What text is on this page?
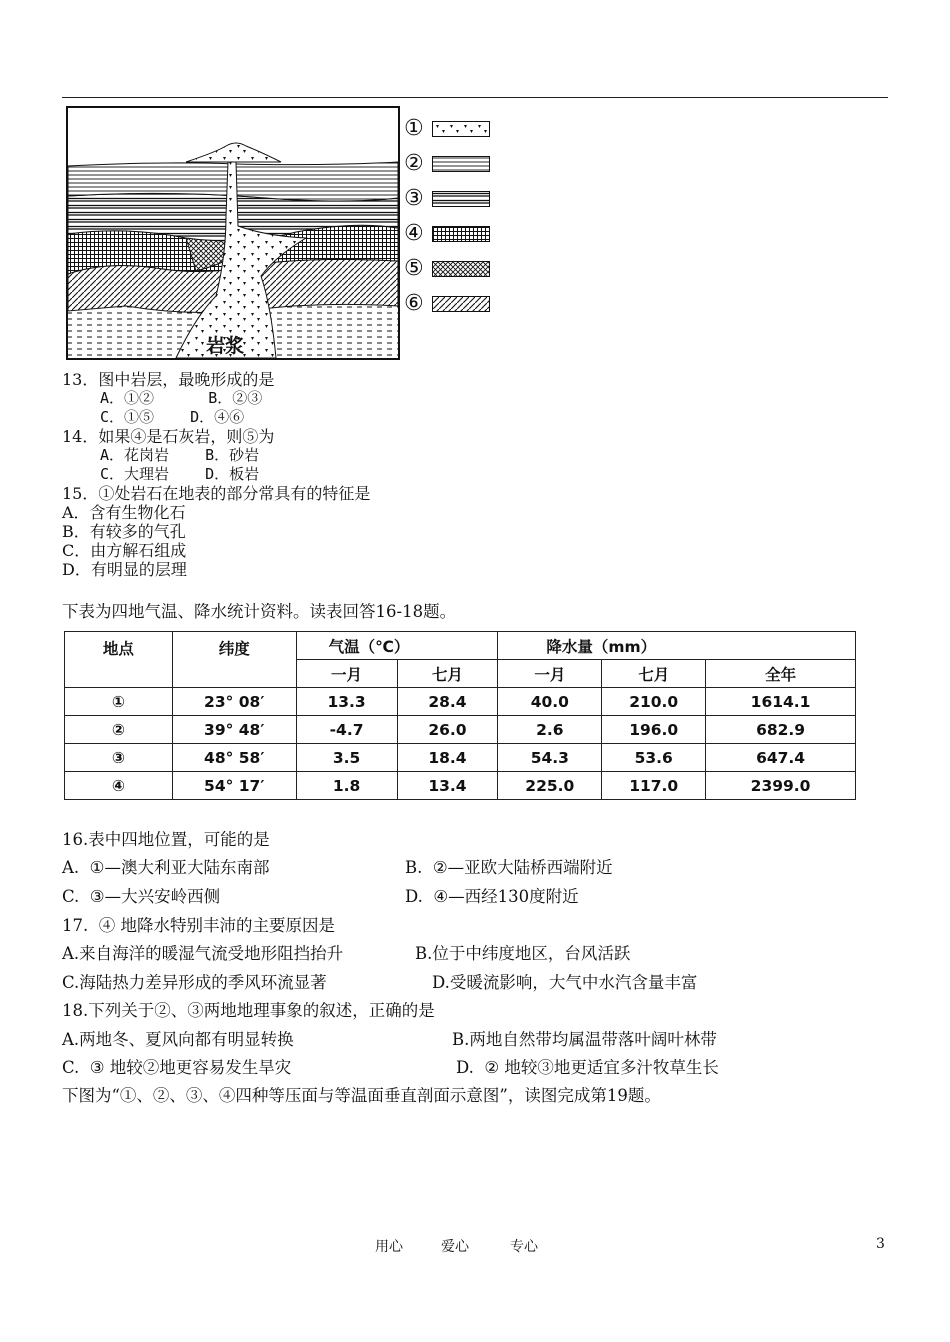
岩浆
①
②
③
④
⑤
⑥
13．图中岩层，最晚形成的是
A．①②      B．②③
C．①⑤    D．④⑥
14．如果④是石灰岩，则⑤为
A．花岗岩    B．砂岩
C．大理岩    D．板岩
15．①处岩石在地表的部分常具有的特征是
A．含有生物化石
B．有较多的气孔
C．由方解石组成
D．有明显的层理
下表为四地气温、降水统计资料。读表回答16-18题。
地点	纬度	气温（℃）		降水量（mm）		
		一月	七月	一月	七月	全年
①	23° 08′	13.3	28.4	40.0	210.0	1614.1
②	39° 48′	-4.7	26.0	2.6	196.0	682.9
③	48° 58′	3.5	18.4	54.3	53.6	647.4
④	54° 17′	1.8	13.4	225.0	117.0	2399.0
16.表中四地位置，可能的是
A.  ①—澳大利亚大陆东南部	B.  ②—亚欧大陆桥西端附近
C.  ③—大兴安岭西侧	D.  ④—西经130度附近
17.  ④ 地降水特别丰沛的主要原因是
A.来自海洋的暖湿气流受地形阻挡抬升	B.位于中纬度地区，台风活跃
C.海陆热力差异形成的季风环流显著	D.受暖流影响，大气中水汽含量丰富
18.下列关于②、③两地地理事象的叙述，正确的是
A.两地冬、夏风向都有明显转换	B.两地自然带均属温带落叶阔叶林带
C.  ③ 地较②地更容易发生旱灾	D.  ② 地较③地更适宜多汁牧草生长
下图为“①、②、③、④四种等压面与等温面垂直剖面示意图”，读图完成第19题。
用心	爱心	专心	3
